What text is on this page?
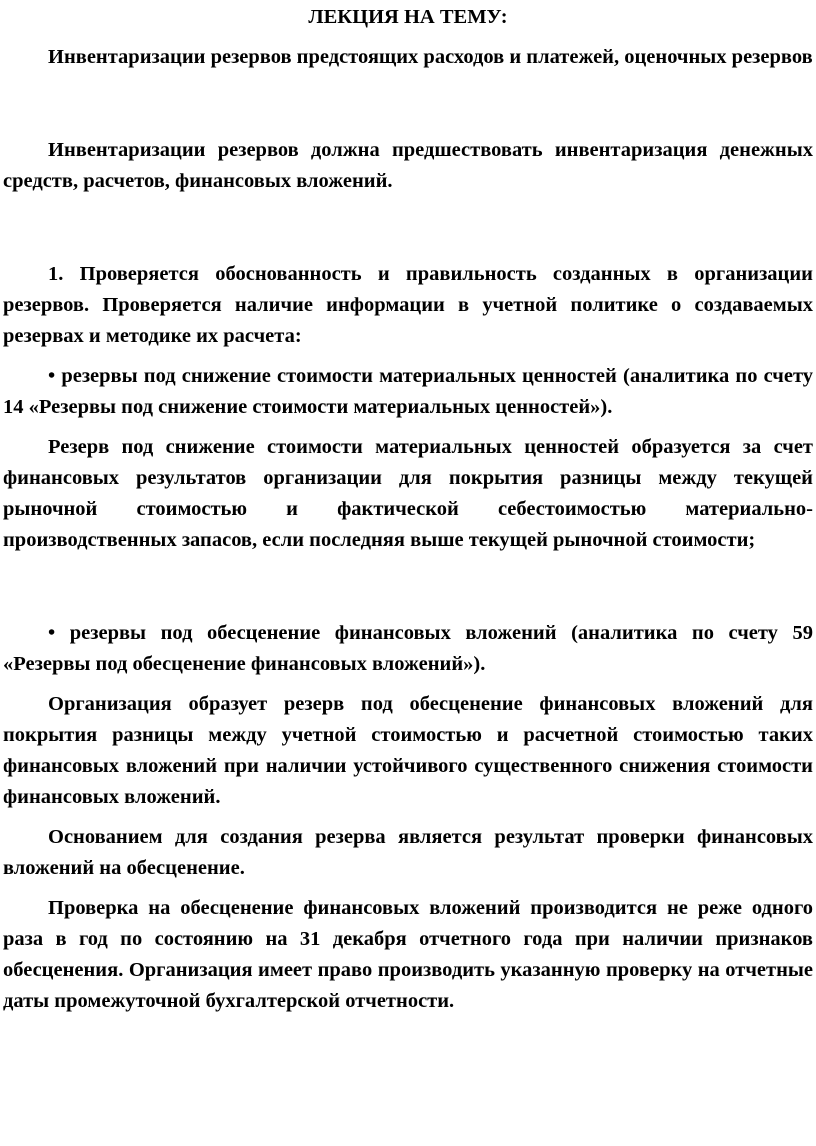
ЛЕКЦИЯ НА ТЕМУ:

Инвентаризации резервов предстоящих расходов и платежей, оценочных резервов

Инвентаризации резервов должна предшествовать инвентаризация денежных средств, расчетов, финансовых вложений.

1. Проверяется обоснованность и правильность созданных в организации резервов. Проверяется наличие информации в учетной политике о создаваемых резервах и методике их расчета:

• резервы под снижение стоимости материальных ценностей (аналитика по счету 14 «Резервы под снижение стоимости материальных ценностей»).

Резерв под снижение стоимости материальных ценностей образуется за счет финансовых результатов организации для покрытия разницы между текущей рыночной стоимостью и фактической себестоимостью материально-производственных запасов, если последняя выше текущей рыночной стоимости;

• резервы под обесценение финансовых вложений (аналитика по счету 59 «Резервы под обесценение финансовых вложений»).

Организация образует резерв под обесценение финансовых вложений для покрытия разницы между учетной стоимостью и расчетной стоимостью таких финансовых вложений при наличии устойчивого существенного снижения стоимости финансовых вложений.

Основанием для создания резерва является результат проверки финансовых вложений на обесценение.

Проверка на обесценение финансовых вложений производится не реже одного раза в год по состоянию на 31 декабря отчетного года при наличии признаков обесценения. Организация имеет право производить указанную проверку на отчетные даты промежуточной бухгалтерской отчетности.
